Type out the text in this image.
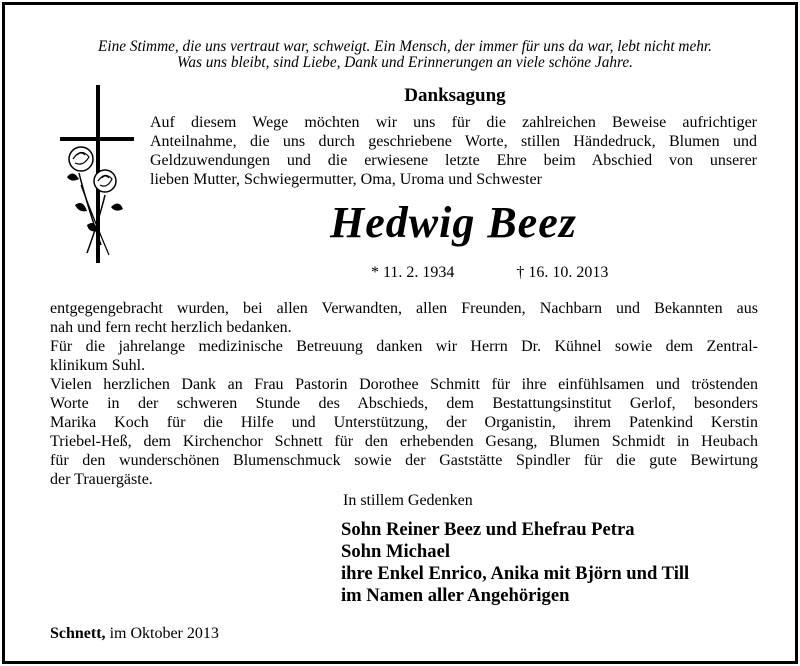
Eine Stimme, die uns vertraut war, schweigt. Ein Mensch, der immer für uns da war, lebt nicht mehr.
Was uns bleibt, sind Liebe, Dank und Erinnerungen an viele schöne Jahre.
Danksagung
Auf diesem Wege möchten wir uns für die zahlreichen Beweise aufrichtiger
Anteilnahme, die uns durch geschriebene Worte, stillen Händedruck, Blumen und
Geldzuwendungen und die erwiesene letzte Ehre beim Abschied von unserer
lieben Mutter, Schwiegermutter, Oma, Uroma und Schwester
Hedwig Beez
* 11. 2. 1934	† 16. 10. 2013
entgegengebracht wurden, bei allen Verwandten, allen Freunden, Nachbarn und Bekannten aus
nah und fern recht herzlich bedanken.
Für die jahrelange medizinische Betreuung danken wir Herrn Dr. Kühnel sowie dem Zentral-
klinikum Suhl.
Vielen herzlichen Dank an Frau Pastorin Dorothee Schmitt für ihre einfühlsamen und tröstenden
Worte in der schweren Stunde des Abschieds, dem Bestattungsinstitut Gerlof, besonders
Marika Koch für die Hilfe und Unterstützung, der Organistin, ihrem Patenkind Kerstin
Triebel-Heß, dem Kirchenchor Schnett für den erhebenden Gesang, Blumen Schmidt in Heubach
für den wunderschönen Blumenschmuck sowie der Gaststätte Spindler für die gute Bewirtung
der Trauergäste.
In stillem Gedenken
Sohn Reiner Beez und Ehefrau Petra
Sohn Michael
ihre Enkel Enrico, Anika mit Björn und Till
im Namen aller Angehörigen
Schnett, im Oktober 2013
